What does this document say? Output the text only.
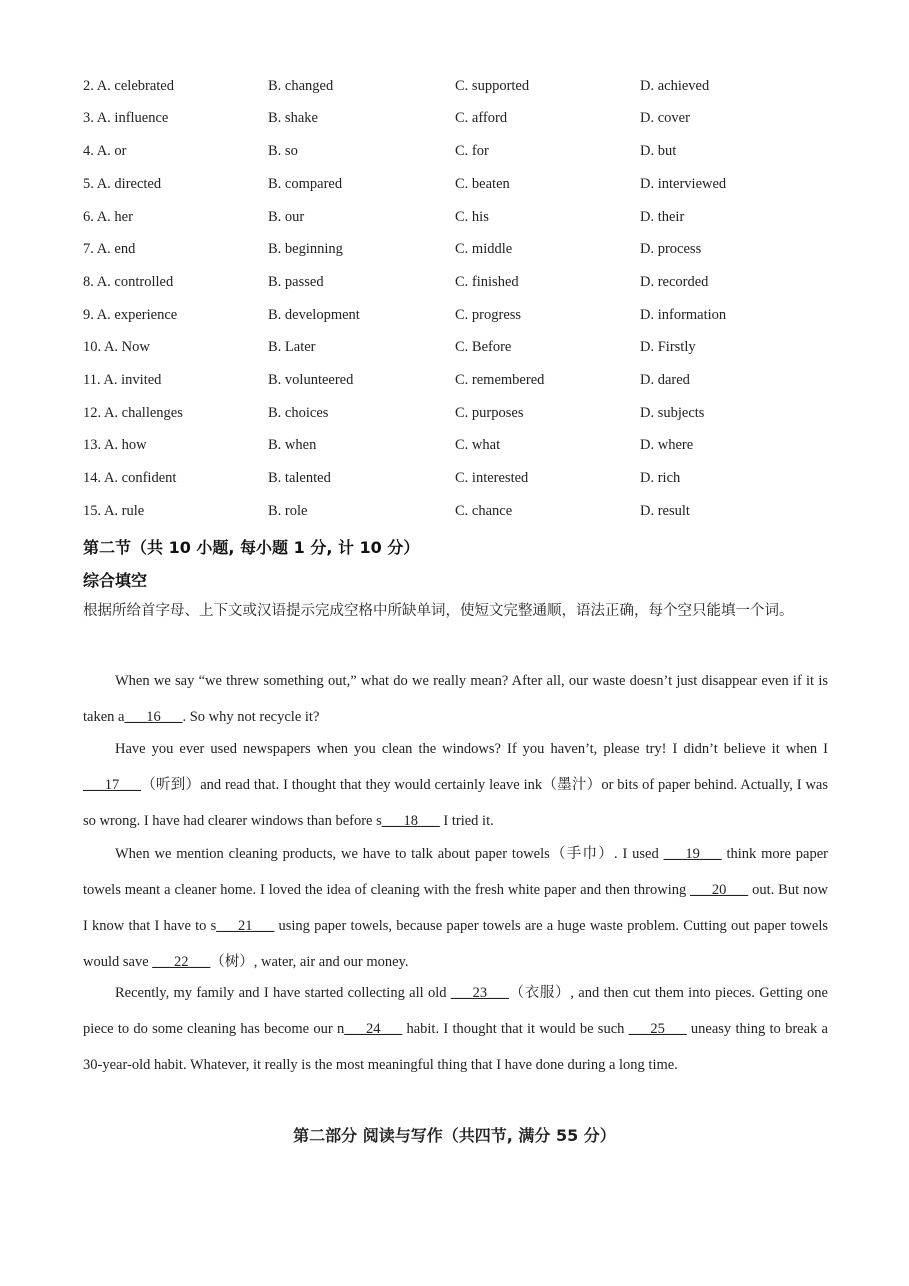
2. A. celebrated	B. changed	C. supported	D. achieved
3. A. influence	B. shake	C. afford	D. cover
4. A. or	B. so	C. for	D. but
5. A. directed	B. compared	C. beaten	D. interviewed
6. A. her	B. our	C. his	D. their
7. A. end	B. beginning	C. middle	D. process
8. A. controlled	B. passed	C. finished	D. recorded
9. A. experience	B. development	C. progress	D. information
10. A. Now	B. Later	C. Before	D. Firstly
11. A. invited	B. volunteered	C. remembered	D. dared
12. A. challenges	B. choices	C. purposes	D. subjects
13. A. how	B. when	C. what	D. where
14. A. confident	B. talented	C. interested	D. rich
15. A. rule	B. role	C. chance	D. result
第二节（共 10 小题, 每小题 1 分, 计 10 分）
综合填空
根据所给首字母、上下文或汉语提示完成空格中所缺单词，使短文完整通顺，语法正确，每个空只能填一个词。
When we say “we threw something out,” what do we really mean? After all, our waste doesn’t just disappear even if it is taken a___16___. So why not recycle it?
Have you ever used newspapers when you clean the windows? If you haven’t, please try! I didn’t believe it when I ___17___（听到）and read that. I thought that they would certainly leave ink（墨汁）or bits of paper behind. Actually, I was so wrong. I have had clearer windows than before s___18___ I tried it.
When we mention cleaning products, we have to talk about paper towels（手巾）. I used ___19___ think more paper towels meant a cleaner home. I loved the idea of cleaning with the fresh white paper and then throwing ___20___ out. But now I know that I have to s___21___ using paper towels, because paper towels are a huge waste problem. Cutting out paper towels would save ___22___（树）, water, air and our money.
Recently, my family and I have started collecting all old ___23___（衣服）, and then cut them into pieces. Getting one piece to do some cleaning has become our n___24___ habit. I thought that it would be such ___25___ uneasy thing to break a 30-year-old habit. Whatever, it really is the most meaningful thing that I have done during a long time.
第二部分 阅读与写作（共四节, 满分 55 分）
